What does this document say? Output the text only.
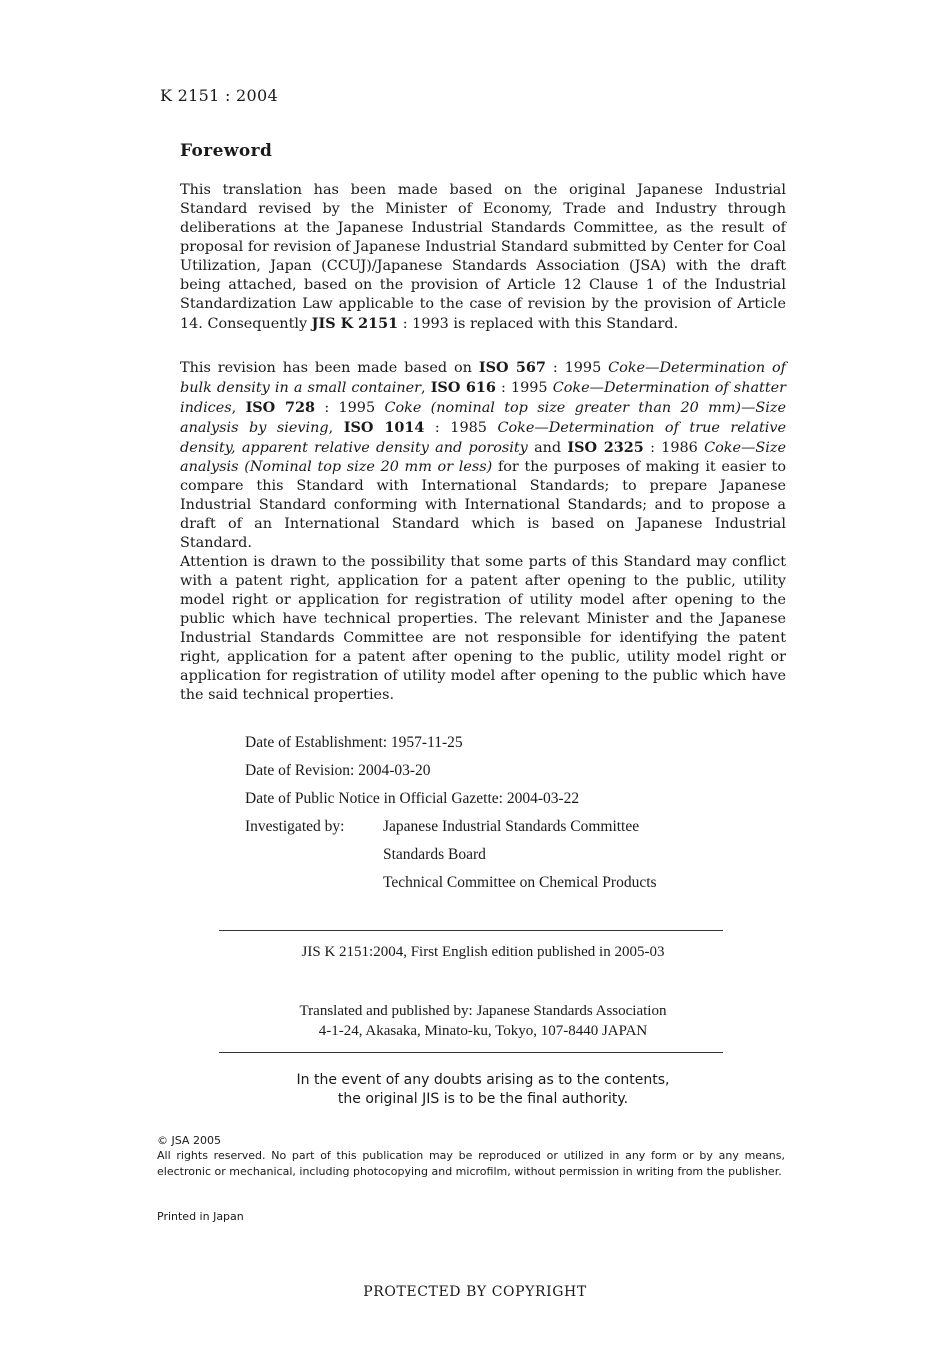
K 2151 : 2004
Foreword
This translation has been made based on the original Japanese Industrial Standard revised by the Minister of Economy, Trade and Industry through deliberations at the Japanese Industrial Standards Committee, as the result of proposal for revision of Japanese Industrial Standard submitted by Center for Coal Utilization, Japan (CCUJ)/Japanese Standards Association (JSA) with the draft being attached, based on the provision of Article 12 Clause 1 of the Industrial Standardization Law applicable to the case of revision by the provision of Article 14. Consequently JIS K 2151 : 1993 is replaced with this Standard.
This revision has been made based on ISO 567 : 1995 Coke—Determination of bulk density in a small container, ISO 616 : 1995 Coke—Determination of shatter indices, ISO 728 : 1995 Coke (nominal top size greater than 20 mm)—Size analysis by sieving, ISO 1014 : 1985 Coke—Determination of true relative density, apparent relative density and porosity and ISO 2325 : 1986 Coke—Size analysis (Nominal top size 20 mm or less) for the purposes of making it easier to compare this Standard with International Standards; to prepare Japanese Industrial Standard conforming with International Standards; and to propose a draft of an International Standard which is based on Japanese Industrial Standard.
Attention is drawn to the possibility that some parts of this Standard may conflict with a patent right, application for a patent after opening to the public, utility model right or application for registration of utility model after opening to the public which have technical properties. The relevant Minister and the Japanese Industrial Standards Committee are not responsible for identifying the patent right, application for a patent after opening to the public, utility model right or application for registration of utility model after opening to the public which have the said technical properties.
Date of Establishment: 1957-11-25
Date of Revision: 2004-03-20
Date of Public Notice in Official Gazette: 2004-03-22
Investigated by: Japanese Industrial Standards Committee
Standards Board
Technical Committee on Chemical Products
JIS K 2151:2004, First English edition published in 2005-03
Translated and published by: Japanese Standards Association
4-1-24, Akasaka, Minato-ku, Tokyo, 107-8440 JAPAN
In the event of any doubts arising as to the contents,
the original JIS is to be the final authority.
© JSA 2005
All rights reserved. No part of this publication may be reproduced or utilized in any form or by any means, electronic or mechanical, including photocopying and microfilm, without permission in writing from the publisher.
Printed in Japan
PROTECTED BY COPYRIGHT
